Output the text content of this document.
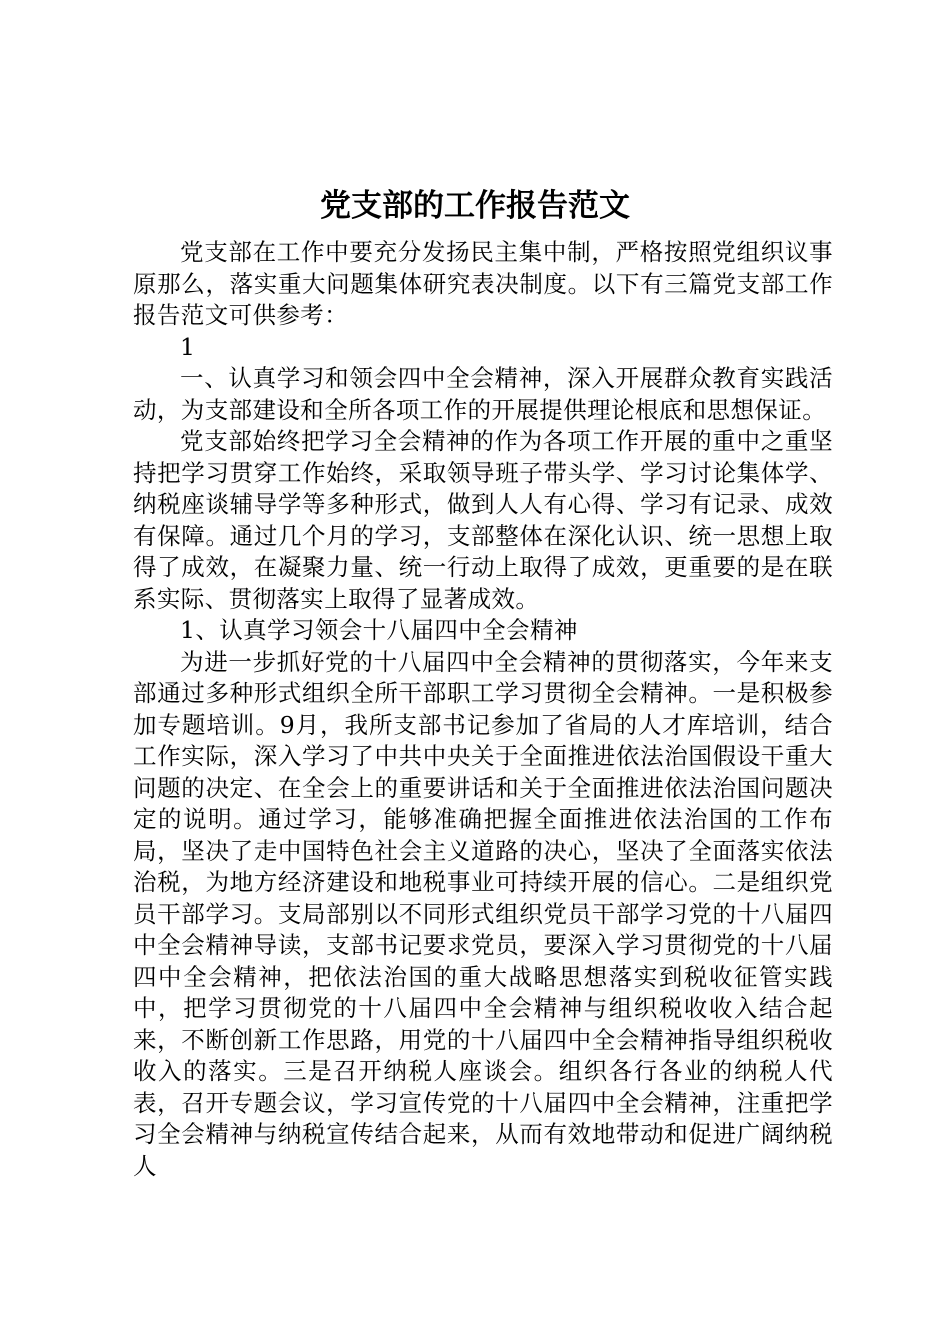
党支部的工作报告范文

党支部在工作中要充分发扬民主集中制，严格按照党组织议事原那么，落实重大问题集体研究表决制度。以下有三篇党支部工作报告范文可供参考：

1

一、认真学习和领会四中全会精神，深入开展群众教育实践活动，为支部建设和全所各项工作的开展提供理论根底和思想保证。

党支部始终把学习全会精神的作为各项工作开展的重中之重坚持把学习贯穿工作始终，采取领导班子带头学、学习讨论集体学、纳税座谈辅导学等多种形式，做到人人有心得、学习有记录、成效有保障。通过几个月的学习，支部整体在深化认识、统一思想上取得了成效，在凝聚力量、统一行动上取得了成效，更重要的是在联系实际、贯彻落实上取得了显著成效。

1、认真学习领会十八届四中全会精神

为进一步抓好党的十八届四中全会精神的贯彻落实，今年来支部通过多种形式组织全所干部职工学习贯彻全会精神。一是积极参加专题培训。9月，我所支部书记参加了省局的人才库培训，结合工作实际，深入学习了中共中央关于全面推进依法治国假设干重大问题的决定、在全会上的重要讲话和关于全面推进依法治国问题决定的说明。通过学习，能够准确把握全面推进依法治国的工作布局，坚决了走中国特色社会主义道路的决心，坚决了全面落实依法治税，为地方经济建设和地税事业可持续开展的信心。二是组织党员干部学习。支局部别以不同形式组织党员干部学习党的十八届四中全会精神导读，支部书记要求党员，要深入学习贯彻党的十八届四中全会精神，把依法治国的重大战略思想落实到税收征管实践中，把学习贯彻党的十八届四中全会精神与组织税收收入结合起来，不断创新工作思路，用党的十八届四中全会精神指导组织税收收入的落实。三是召开纳税人座谈会。组织各行各业的纳税人代表，召开专题会议，学习宣传党的十八届四中全会精神，注重把学习全会精神与纳税宣传结合起来，从而有效地带动和促进广阔纳税人
